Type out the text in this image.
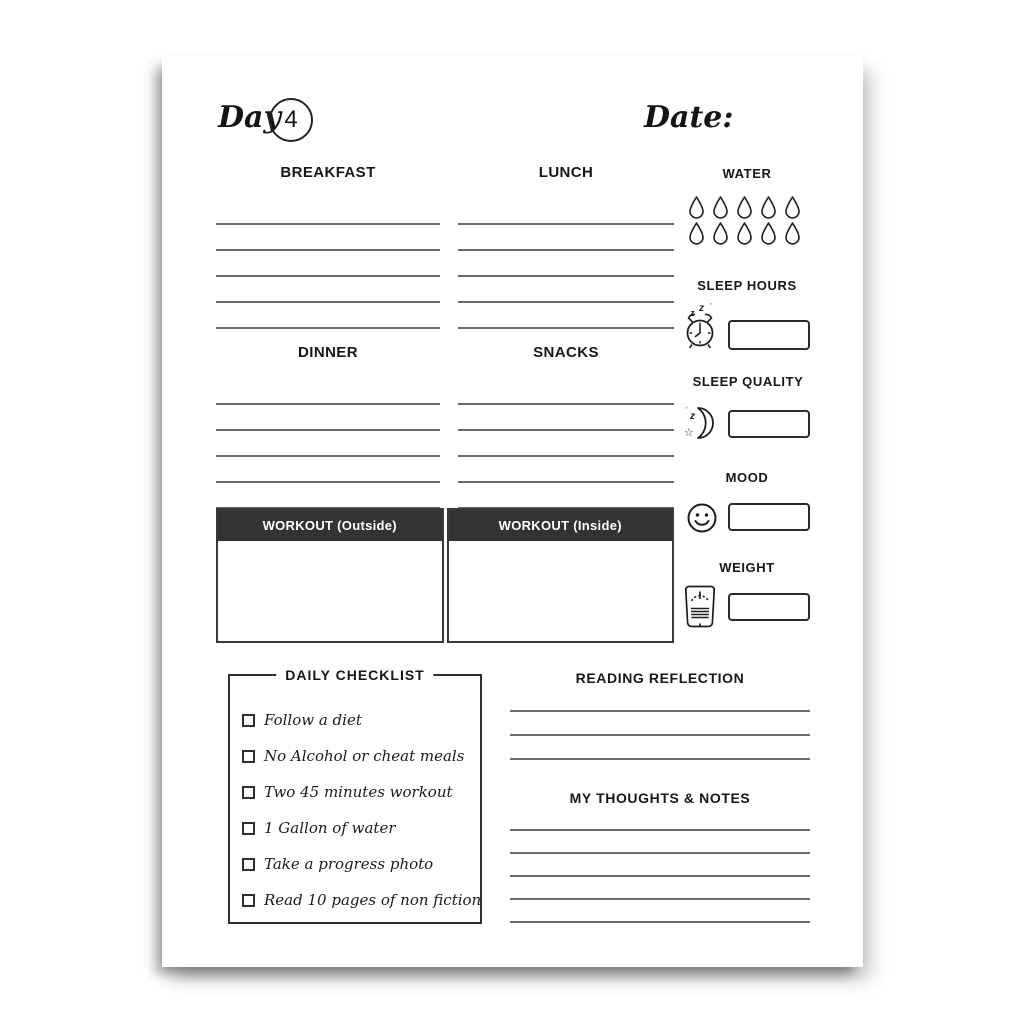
Day 4	Date:
BREAKFAST	LUNCH
DINNER	SNACKS
WORKOUT (Outside)	WORKOUT (Inside)
WATER
SLEEP HOURS
z z '
SLEEP QUALITY
'
z
☆
MOOD
WEIGHT
DAILY CHECKLIST
Follow a diet
No Alcohol or cheat meals
Two 45 minutes workout
1 Gallon of water
Take a progress photo
Read 10 pages of non fiction
READING REFLECTION
MY THOUGHTS & NOTES
